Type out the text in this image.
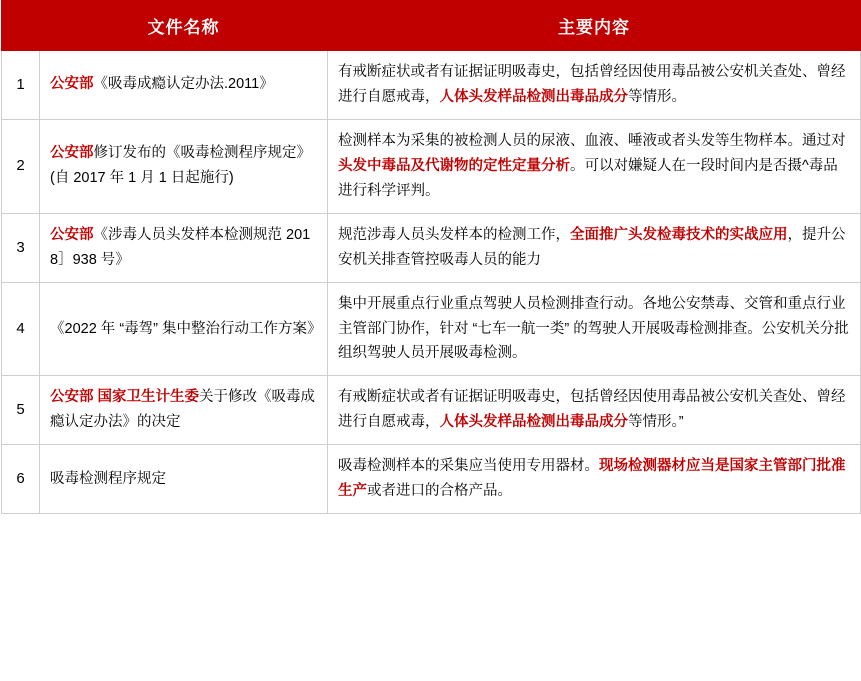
	文件名称	主要内容
1	公安部《吸毒成瘾认定办法.2011》	有戒断症状或者有证据证明吸毒史，包括曾经因使用毒品被公安机关查处、曾经进行自愿戒毒，人体头发样品检测出毒品成分等情形。
2	公安部修订发布的《吸毒检测程序规定》(自 2017 年 1 月 1 日起施行)	检测样本为采集的被检测人员的尿液、血液、唾液或者头发等生物样本。通过对头发中毒品及代谢物的定性定量分析。可以对嫌疑人在一段时间内是否摄^毒品 进行科学评判。
3	公安部《涉毒人员头发样本检测规范 2018］938 号》	规范涉毒人员头发样本的检测工作，全面推广头发检毒技术的实战应用，提升公安机关排查管控吸毒人员的能力
4	《2022 年 “毒驾” 集中整治行动工作方案》	集中开展重点行业重点驾驶人员检测排查行动。各地公安禁毒、交管和重点行业主管部门协作，针对 “七车一航一类” 的驾驶人开展吸毒检测排查。公安机关分批组织驾驶人员开展吸毒检测。
5	公安部 国家卫生计生委关于修改《吸毒成瘾认定办法》的决定	有戒断症状或者有证据证明吸毒史，包括曾经因使用毒品被公安机关查处、曾经进行自愿戒毒，人体头发样品检测出毒品成分等情形。”
6	吸毒检测程序规定	吸毒检测样本的采集应当使用专用器材。现场检测器材应当是国家主管部门批准生产或者进口的合格产品。
